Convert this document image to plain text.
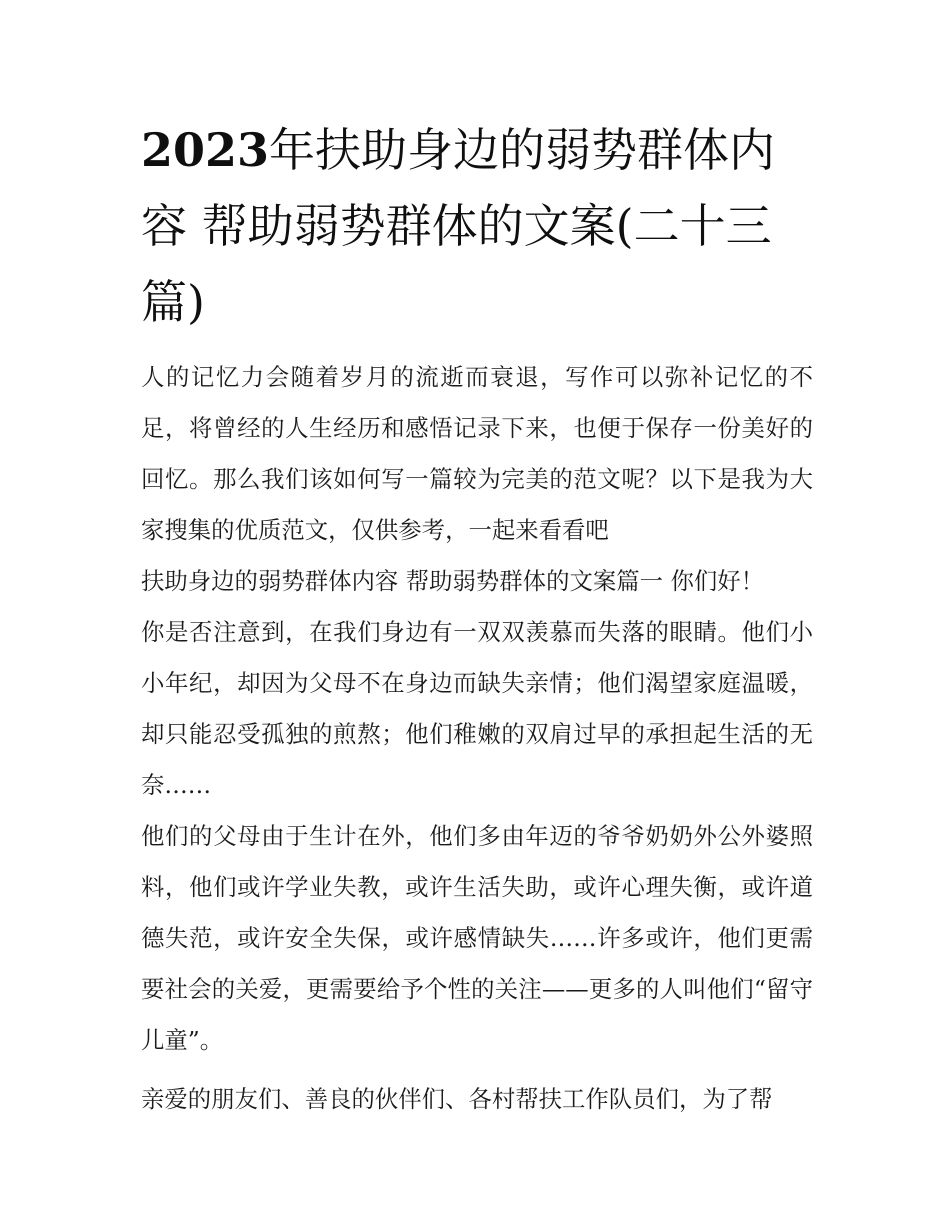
2023年扶助身边的弱势群体内容 帮助弱势群体的文案(二十三篇)

人的记忆力会随着岁月的流逝而衰退，写作可以弥补记忆的不足，将曾经的人生经历和感悟记录下来，也便于保存一份美好的回忆。那么我们该如何写一篇较为完美的范文呢？以下是我为大家搜集的优质范文，仅供参考，一起来看看吧

扶助身边的弱势群体内容 帮助弱势群体的文案篇一 你们好！

你是否注意到，在我们身边有一双双羡慕而失落的眼睛。他们小小年纪，却因为父母不在身边而缺失亲情；他们渴望家庭温暖，却只能忍受孤独的煎熬；他们稚嫩的双肩过早的承担起生活的无奈……

他们的父母由于生计在外，他们多由年迈的爷爷奶奶外公外婆照料，他们或许学业失教，或许生活失助，或许心理失衡，或许道德失范，或许安全失保，或许感情缺失……许多或许，他们更需要社会的关爱，更需要给予个性的关注——更多的人叫他们“留守儿童”。

亲爱的朋友们、善良的伙伴们、各村帮扶工作队员们，为了帮
